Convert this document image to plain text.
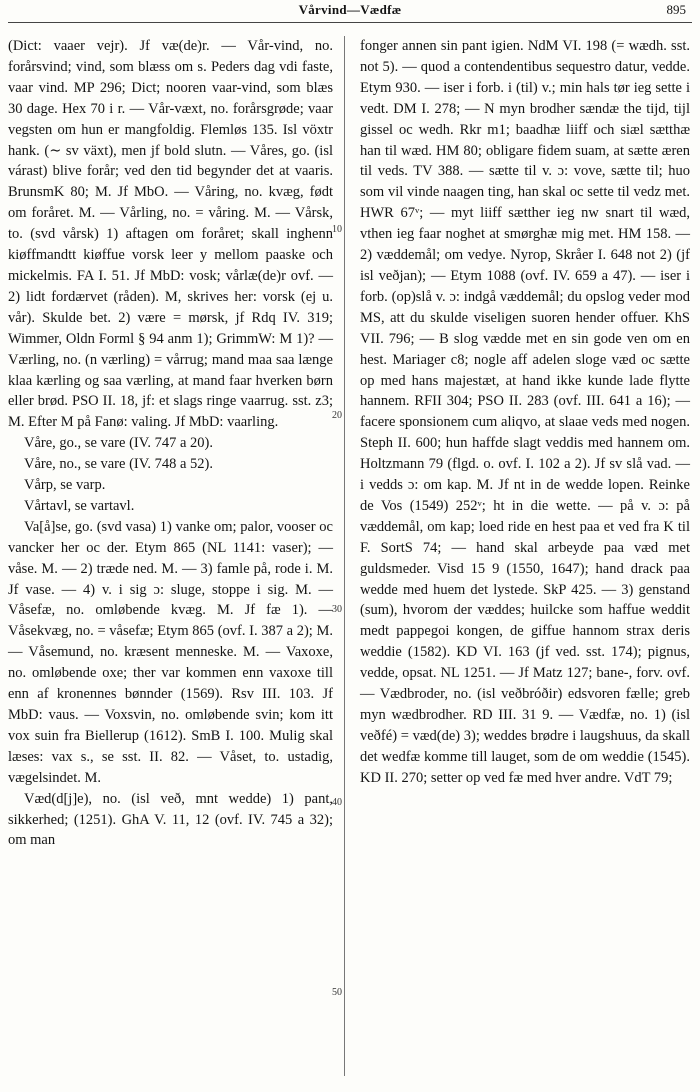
Vårvind—Vædfæ	895

(Dict: vaaer vejr). Jf væ(de)r. — Vår-vind, no. forårsvind; vind, som blæss om s. Peders dag vdi faste, vaar vind. MP 296; Dict; nooren vaar-vind, som blæs 30 dage. Hex 70 i r. — Vår-væxt, no. forårsgrøde; vaar vegsten om hun er mangfoldig. Flemløs 135. Isl vöxtr hank. (∼ sv växt), men jf bold slutn. — Våres, go. (isl várast) blive forår; ved den tid begynder det at vaaris. BrunsmK 80; M. Jf MbO. — Våring, no. kvæg, født om foråret. M. — Vårling, no. = våring. M. — Vårsk, to. (svd vårsk) 1) aftagen om foråret; skall inghenn kiøffmandtt kiøffue vorsk leer y mellom paaske och mickelmis. FA I. 51. Jf MbD: vosk; vårlæ(de)r ovf. — 2) lidt fordærvet (råden). M, skrives her: vorsk (ej u. vår). Skulde bet. 2) være = mørsk, jf Rdq IV. 319; Wimmer, Oldn Forml § 94 anm 1); GrimmW: M 1)? — Værling, no. (n værling) = vårrug; mand maa saa længe klaa kærling og saa værling, at mand faar hverken børn eller brød. PSO II. 18, jf: et slags ringe vaarrug. sst. z3; M. Efter M på Fanø: valing. Jf MbD: vaarling.

Våre, go., se vare (IV. 747 a 20).

Våre, no., se vare (IV. 748 a 52).

Vårp, se varp.

Vårtavl, se vartavl.

Va[å]se, go. (svd vasa) 1) vanke om; palor, vooser oc vancker her oc der. Etym 865 (NL 1141: vaser); — våse. M. — 2) træde ned. M. — 3) famle på, rode i. M. Jf vase. — 4) v. i sig ɔ: sluge, stoppe i sig. M. — Våsefæ, no. omløbende kvæg. M. Jf fæ 1). — Våsekvæg, no. = våsefæ; Etym 865 (ovf. I. 387 a 2); M. — Våsemund, no. kræsent menneske. M. — Vaxoxe, no. omløbende oxe; ther var kommen enn vaxoxe till enn af kronennes bønnder (1569). Rsv III. 103. Jf MbD: vaus. — Voxsvin, no. omløbende svin; kom itt vox suin fra Biellerup (1612). SmB I. 100. Mulig skal læses: vax s., se sst. II. 82. — Våset, to. ustadig, vægelsindet. M.

Væd(d[j]e), no. (isl veð, mnt wedde) 1) pant, sikkerhed; (1251). GhA V. 11, 12 (ovf. IV. 745 a 32); om man

10
20
30
40
50

fonger annen sin pant igien. NdM VI. 198 (= wædh. sst. not 5). — quod a contendentibus sequestro datur, vedde. Etym 930. — iser i forb. i (til) v.; min hals tør ieg sette i vedt. DM I. 278; — N myn brodher sændæ the tijd, tijl gissel oc wedh. Rkr m1; baadhæ liiff och siæl sætthæ han til wæd. HM 80; obligare fidem suam, at sætte æren til veds. TV 388. — sætte til v. ɔ: vove, sætte til; huo som vil vinde naagen ting, han skal oc sette til vedz met. HWR 67ᵛ; — myt liiff sætther ieg nw snart til wæd, vthen ieg faar noghet at smørghæ mig met. HM 158. — 2) væddemål; om vedye. Nyrop, Skråer I. 648 not 2) (jf isl veðjan); — Etym 1088 (ovf. IV. 659 a 47). — iser i forb. (op)slå v. ɔ: indgå væddemål; du opslog veder mod MS, att du skulde viseligen suoren hender offuer. KhS VII. 796; — B slog vædde met en sin gode ven om en hest. Mariager c8; nogle aff adelen sloge væd oc sætte op med hans majestæt, at hand ikke kunde lade flytte hannem. RFII 304; PSO II. 283 (ovf. III. 641 a 16); — facere sponsionem cum aliqvo, at slaae veds med nogen. Steph II. 600; hun haffde slagt veddis med hannem om. Holtzmann 79 (flgd. o. ovf. I. 102 a 2). Jf sv slå vad. — i vedds ɔ: om kap. M. Jf nt in de wedde lopen. Reinke de Vos (1549) 252ᵛ; ht in die wette. — på v. ɔ: på væddemål, om kap; loed ride en hest paa et ved fra K til F. SortS 74; — hand skal arbeyde paa væd met guldsmeder. Visd 15 9 (1550, 1647); hand drack paa wedde med huem det lystede. SkP 425. — 3) genstand (sum), hvorom der væddes; huilcke som haffue weddit medt pappegoi kongen, de giffue hannom strax deris weddie (1582). KD VI. 163 (jf ved. sst. 174); pignus, vedde, opsat. NL 1251. — Jf Matz 127; bane-, forv. ovf. — Vædbroder, no. (isl veðbróðir) edsvoren fælle; greb myn wædbrodher. RD III. 31 9. — Vædfæ, no. 1) (isl veðfé) = væd(de) 3); weddes brødre i laugshuus, da skall det wedfæ komme till lauget, som de om weddie (1545). KD II. 270; setter op ved fæ med hver andre. VdT 79;
